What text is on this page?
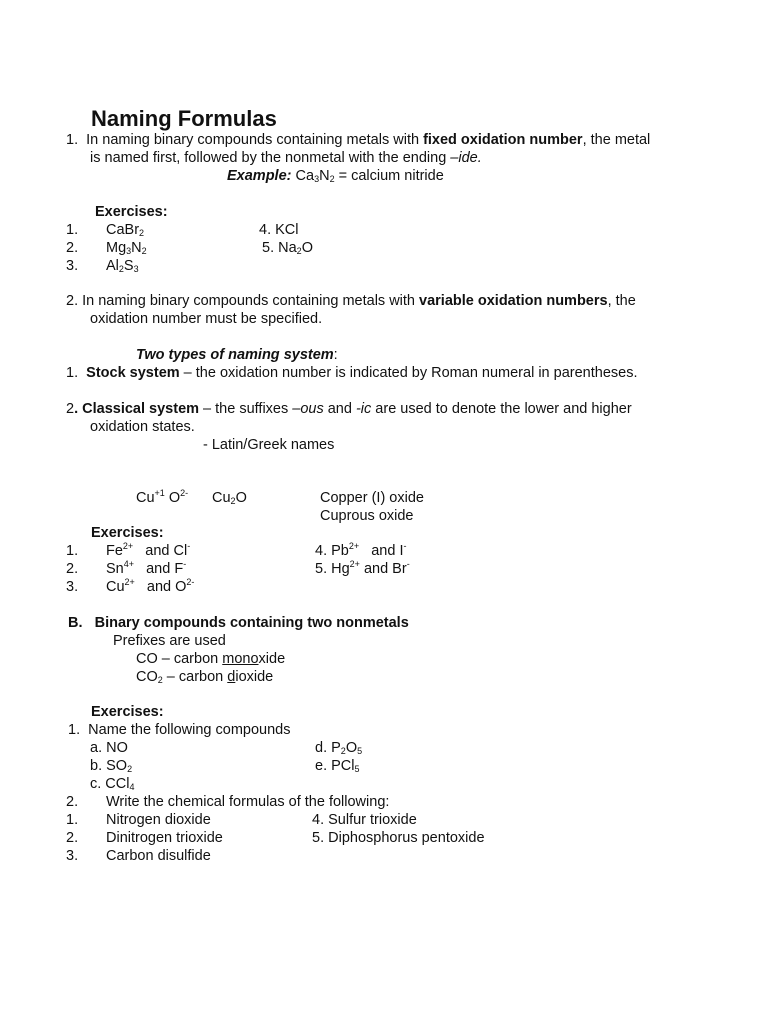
Naming Formulas
1. In naming binary compounds containing metals with fixed oxidation number, the metal
is named first, followed by the nonmetal with the ending –ide.
Example: $Ca_3N_2$ = calcium nitride
Exercises:
1. CaBr$_2$
2. $Mg_3N_2$
3. $Al_2S_3$
4. KCl
5. $Na_2O$
2. In naming binary compounds containing metals with variable oxidation numbers, the
oxidation number must be specified.
Two types of naming system:
1. Stock system – the oxidation number is indicated by Roman numeral in parentheses.
2. Classical system – the suffixes –ous and -ic are used to denote the lower and higher
oxidation states.
- Latin/Greek names
$Cu^{+1}$ $O^{2-}$ $Cu_2O$	Copper (I) oxide
Cuprous oxide
Exercises:
1. $Fe^{2+}$ and Cl-
2. $Sn^{4+}$ and F-
3. $Cu^{2+}$ and $O^{2-}$
4. $Pb^{2+}$ and I-
5. $Hg^{2+}$ and Br-
B. Binary compounds containing two nonmetals
Prefixes are used
CO – carbon monoxide
$CO_2$ – carbon dioxide
Exercises:
1. Name the following compounds
a. NO
b. $SO_2$
c. CCl$_4$
d. $P_2O_5$
e. PCl$_5$
2. Write the chemical formulas of the following:
1. Nitrogen dioxide
2. Dinitrogen trioxide
3. Carbon disulfide
4. Sulfur trioxide
5. Diphosphorus pentoxide
